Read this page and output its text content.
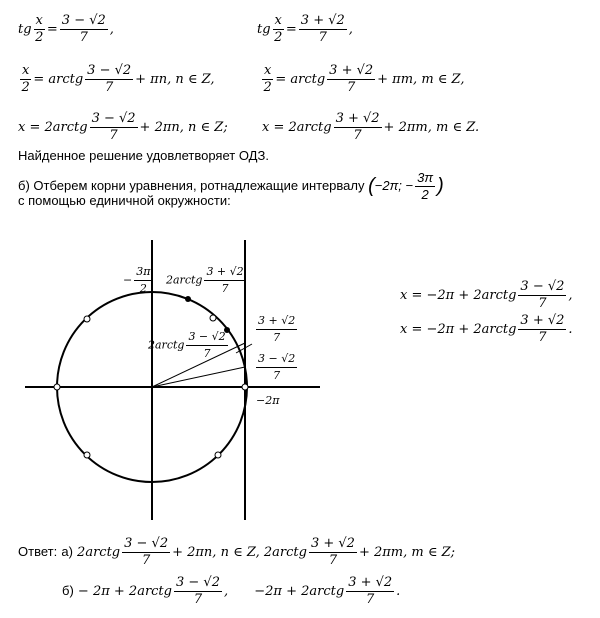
tg $\frac{x}{2} = \frac{3 - √2}{7}$ ,	tg $\frac{x}{2} = \frac{3 + √2}{7}$ ,
$\frac{x}{2}$ = arctg $\frac{3 - √2}{7} + \pi n$, n ∈ Z,	$\frac{x}{2}$ = arctg $\frac{3 + √2}{7} + \pi m$, m ∈ Z,
x = 2arctg $\frac{3 - √2}{7} + 2\pi n$, n ∈ Z;	x = 2arctg $\frac{3 + √2}{7} + 2\pi m$, m ∈ Z.
Найденное решение удовлетворяет ОДЗ.
б) Отберем корни уравнения, ротнадлежащие интервалу (−2π; − $\frac{3\pi}{2}$ )
с помощью единичной окружности:
− $\frac{3\pi}{2}$ 2arctg $\frac{3 + √2}{7}$
2arctg $\frac{3 - √2}{7}$
$\frac{3 + √2}{7}$
$\frac{3 - √2}{7}$
−2π
x = −2π + 2arctg $\frac{3 - √2}{7}$ ,
x = −2π + 2arctg $\frac{3 + √2}{7}$ .
Ответ: а) 2arctg $\frac{3 - √2}{7} + 2\pi n$, n ∈ Z, 2arctg $\frac{3 + √2}{7} + 2\pi m$, m ∈ Z;
б) − 2π + 2arctg $\frac{3 - √2}{7}$ , −2π + 2arctg $\frac{3 + √2}{7}$ .
